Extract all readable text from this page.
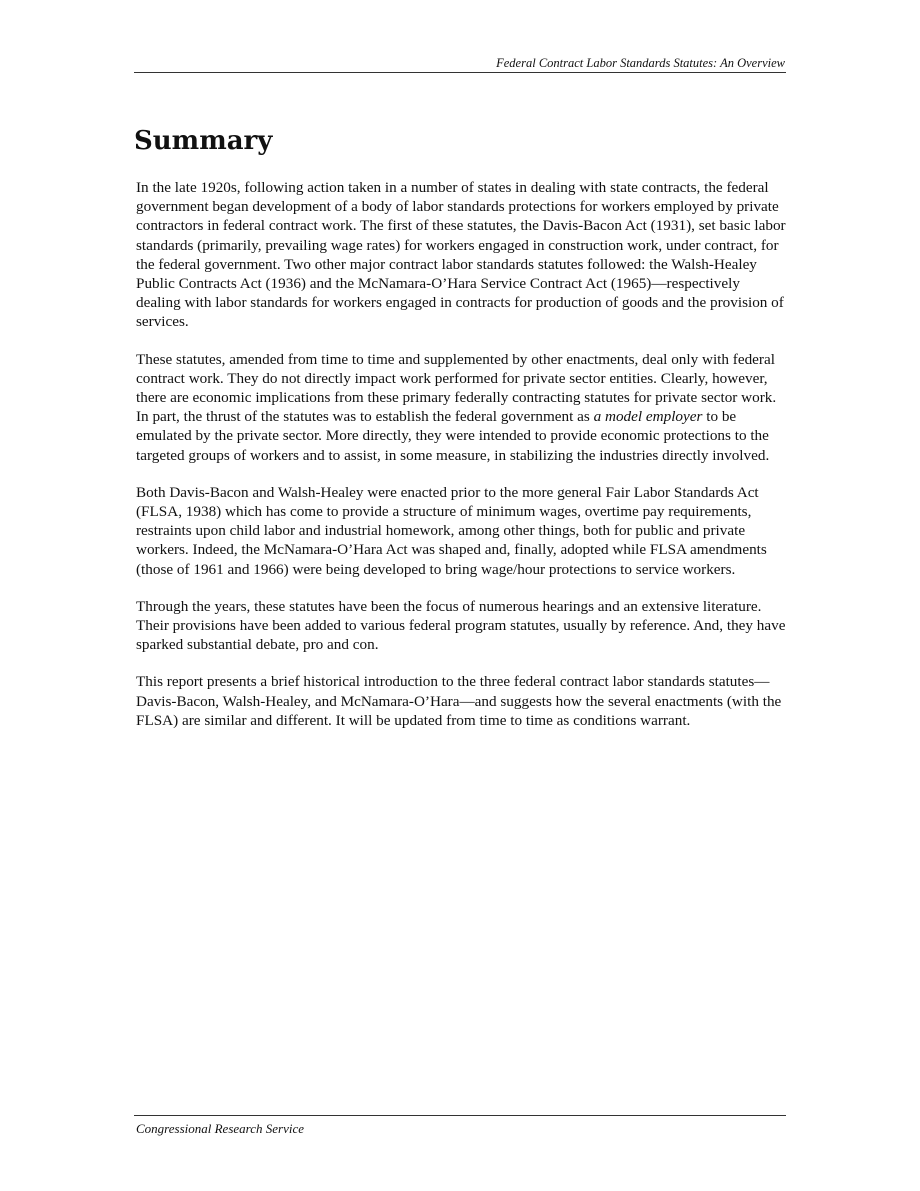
Federal Contract Labor Standards Statutes: An Overview
Summary

In the late 1920s, following action taken in a number of states in dealing with state contracts, the federal government began development of a body of labor standards protections for workers employed by private contractors in federal contract work. The first of these statutes, the Davis-Bacon Act (1931), set basic labor standards (primarily, prevailing wage rates) for workers engaged in construction work, under contract, for the federal government. Two other major contract labor standards statutes followed: the Walsh-Healey Public Contracts Act (1936) and the McNamara-O’Hara Service Contract Act (1965)—respectively dealing with labor standards for workers engaged in contracts for production of goods and the provision of services.

These statutes, amended from time to time and supplemented by other enactments, deal only with federal contract work. They do not directly impact work performed for private sector entities. Clearly, however, there are economic implications from these primary federally contracting statutes for private sector work. In part, the thrust of the statutes was to establish the federal government as a model employer to be emulated by the private sector. More directly, they were intended to provide economic protections to the targeted groups of workers and to assist, in some measure, in stabilizing the industries directly involved.

Both Davis-Bacon and Walsh-Healey were enacted prior to the more general Fair Labor Standards Act (FLSA, 1938) which has come to provide a structure of minimum wages, overtime pay requirements, restraints upon child labor and industrial homework, among other things, both for public and private workers. Indeed, the McNamara-O’Hara Act was shaped and, finally, adopted while FLSA amendments (those of 1961 and 1966) were being developed to bring wage/hour protections to service workers.

Through the years, these statutes have been the focus of numerous hearings and an extensive literature. Their provisions have been added to various federal program statutes, usually by reference. And, they have sparked substantial debate, pro and con.

This report presents a brief historical introduction to the three federal contract labor standards statutes—Davis-Bacon, Walsh-Healey, and McNamara-O’Hara—and suggests how the several enactments (with the FLSA) are similar and different. It will be updated from time to time as conditions warrant.

Congressional Research Service
